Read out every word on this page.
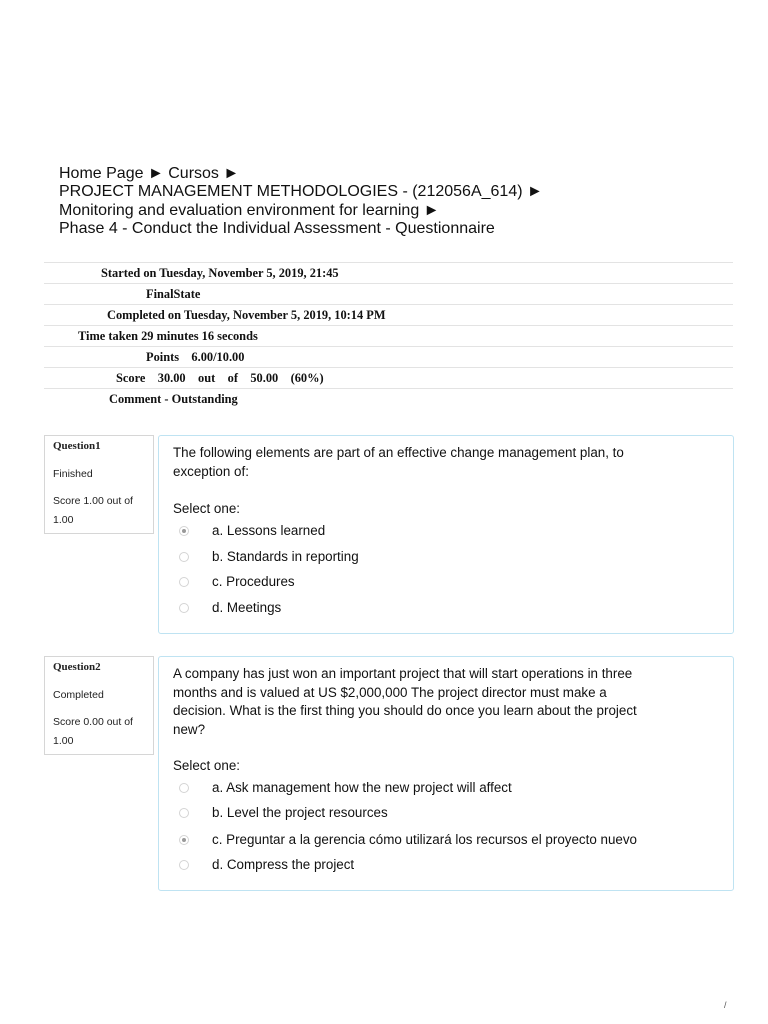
Home Page ► Cursos ►
PROJECT MANAGEMENT METHODOLOGIES - (212056A_614) ►
Monitoring and evaluation environment for learning ►
Phase 4 - Conduct the Individual Assessment - Questionnaire
Started on Tuesday, November 5, 2019, 21:45
FinalState
Completed on Tuesday, November 5, 2019, 10:14 PM
Time taken 29 minutes 16 seconds
Points    6.00/10.00
Score    30.00    out    of    50.00    (60%)
Comment - Outstanding
Question1
Finished
Score 1.00 out of 1.00
The following elements are part of an effective change management plan, to exception of:
Select one:
a. Lessons learned
b. Standards in reporting
c. Procedures
d. Meetings
Question2
Completed
Score 0.00 out of 1.00
A company has just won an important project that will start operations in three months and is valued at US $2,000,000 The project director must make a decision. What is the first thing you should do once you learn about the project new?
Select one:
a. Ask management how the new project will affect
b. Level the project resources
c. Preguntar a la gerencia cómo utilizará los recursos el proyecto nuevo
d. Compress the project
/
